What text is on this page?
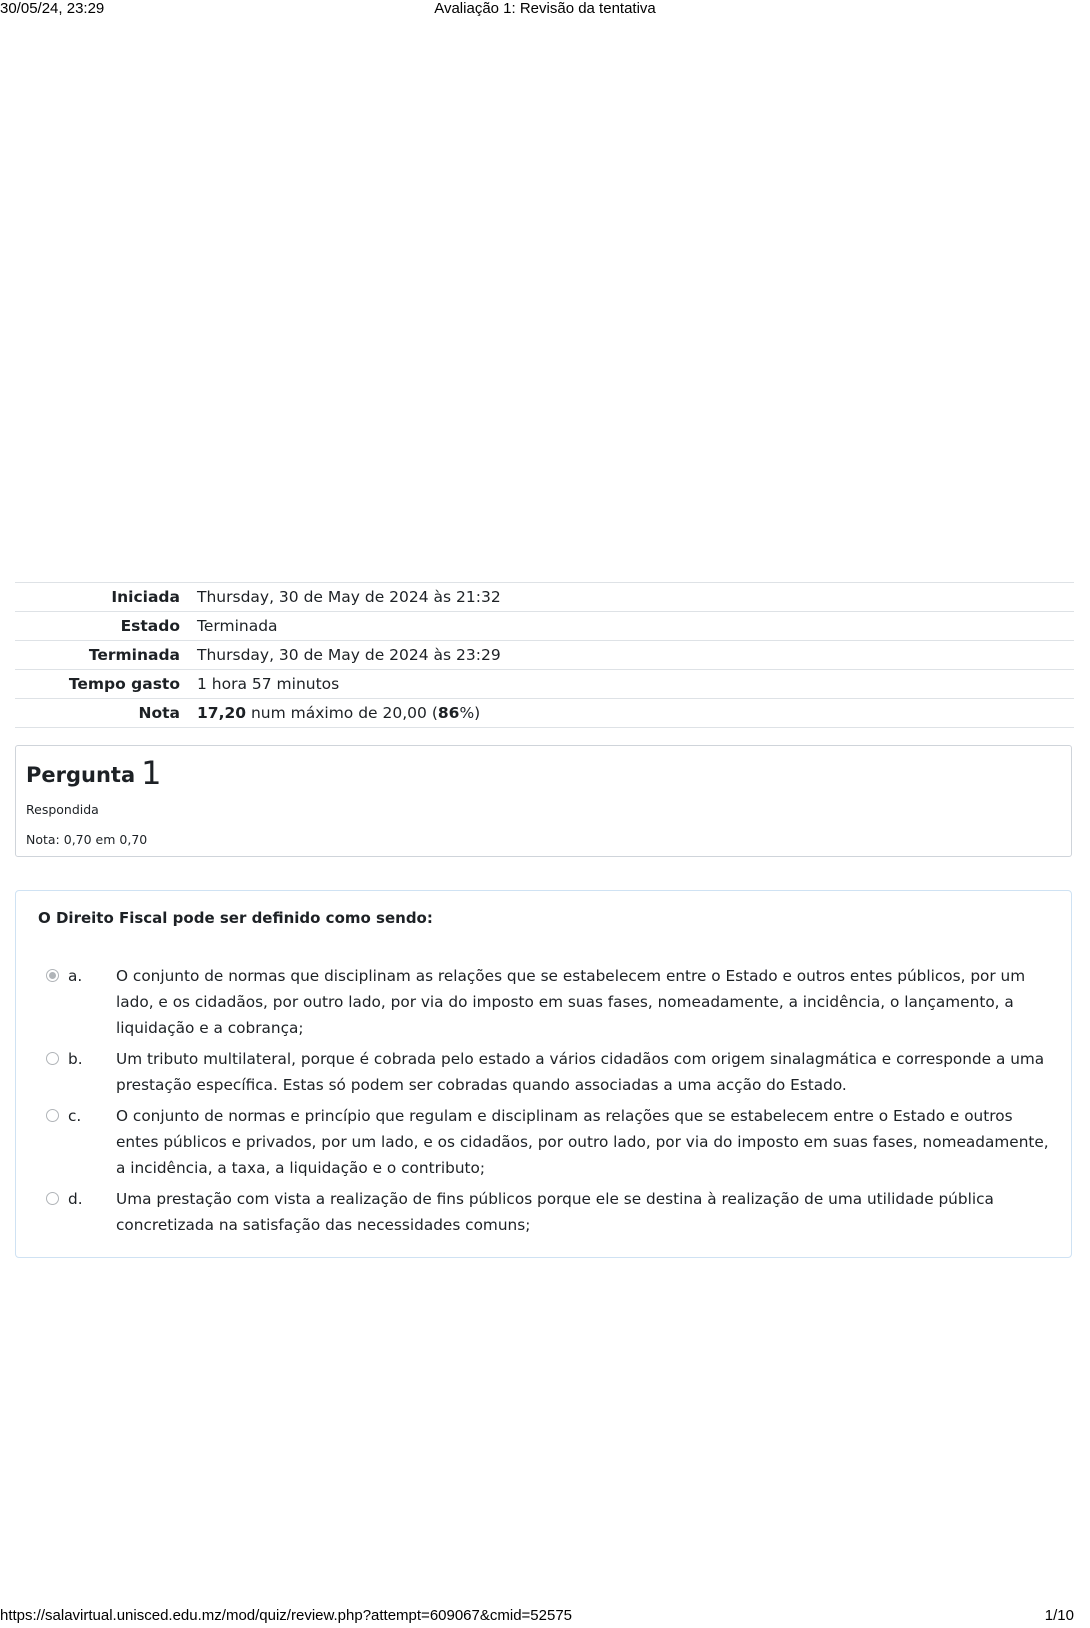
30/05/24, 23:29	Avaliação 1: Revisão da tentativa
Iniciada	Thursday, 30 de May de 2024 às 21:32
Estado	Terminada
Terminada	Thursday, 30 de May de 2024 às 23:29
Tempo gasto	1 hora 57 minutos
Nota	17,20 num máximo de 20,00 (86%)
Pergunta 1
Respondida
Nota: 0,70 em 0,70
O Direito Fiscal pode ser definido como sendo:
a. O conjunto de normas que disciplinam as relações que se estabelecem entre o Estado e outros entes públicos, por um lado, e os cidadãos, por outro lado, por via do imposto em suas fases, nomeadamente, a incidência, o lançamento, a liquidação e a cobrança;
b. Um tributo multilateral, porque é cobrada pelo estado a vários cidadãos com origem sinalagmática e corresponde a uma prestação específica. Estas só podem ser cobradas quando associadas a uma acção do Estado.
c. O conjunto de normas e princípio que regulam e disciplinam as relações que se estabelecem entre o Estado e outros entes públicos e privados, por um lado, e os cidadãos, por outro lado, por via do imposto em suas fases, nomeadamente, a incidência, a taxa, a liquidação e o contributo;
d. Uma prestação com vista a realização de fins públicos porque ele se destina à realização de uma utilidade pública concretizada na satisfação das necessidades comuns;
https://salavirtual.unisced.edu.mz/mod/quiz/review.php?attempt=609067&cmid=52575	1/10
